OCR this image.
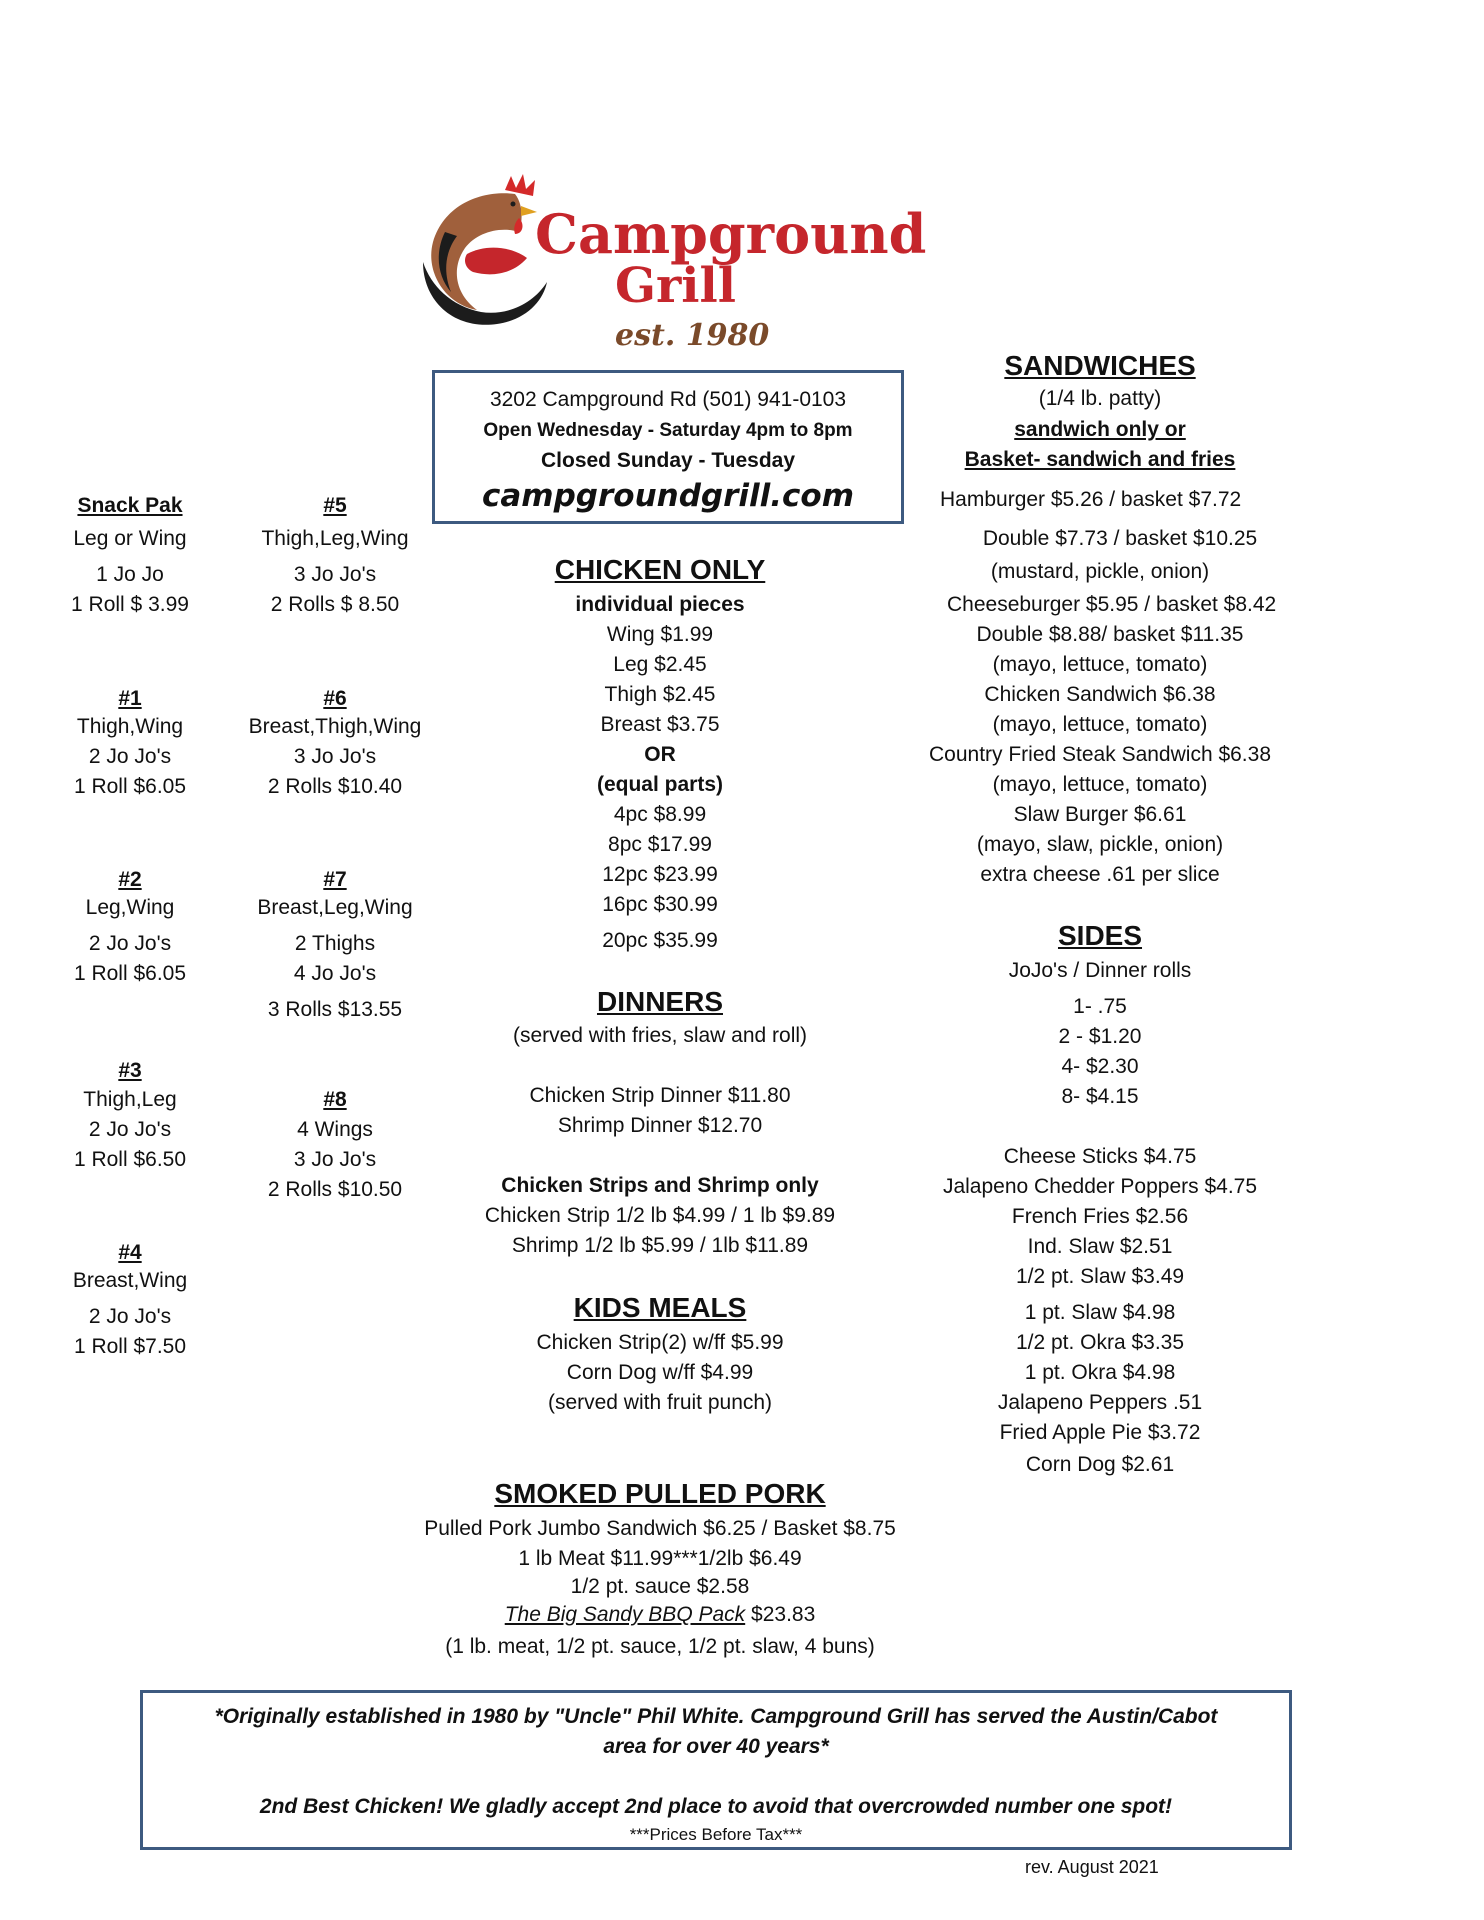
Campground
Grill
est. 1980
3202 Campground Rd (501) 941-0103
Open Wednesday - Saturday 4pm to 8pm
Closed Sunday - Tuesday
campgroundgrill.com
Snack Pak
Leg or Wing
1 Jo Jo
1 Roll $ 3.99
#1
Thigh,Wing
2 Jo Jo's
1 Roll $6.05
#2
Leg,Wing
2 Jo Jo's
1 Roll $6.05
#3
Thigh,Leg
2 Jo Jo's
1 Roll $6.50
#4
Breast,Wing
2 Jo Jo's
1 Roll $7.50
#5
Thigh,Leg,Wing
3 Jo Jo's
2 Rolls $ 8.50
#6
Breast,Thigh,Wing
3 Jo Jo's
2 Rolls $10.40
#7
Breast,Leg,Wing
2 Thighs
4 Jo Jo's
3 Rolls $13.55
#8
4 Wings
3 Jo Jo's
2 Rolls $10.50
CHICKEN ONLY
individual pieces
Wing $1.99
Leg $2.45
Thigh $2.45
Breast $3.75
OR
(equal parts)
4pc $8.99
8pc $17.99
12pc $23.99
16pc $30.99
20pc $35.99
DINNERS
(served with fries, slaw and roll)
Chicken Strip Dinner $11.80
Shrimp Dinner $12.70
Chicken Strips and Shrimp only
Chicken Strip 1/2 lb $4.99 / 1 lb $9.89
Shrimp 1/2 lb $5.99 / 1lb $11.89
KIDS MEALS
Chicken Strip(2) w/ff $5.99
Corn Dog w/ff $4.99
(served with fruit punch)
SMOKED PULLED PORK
Pulled Pork Jumbo Sandwich $6.25 / Basket $8.75
1 lb Meat $11.99***1/2lb $6.49
1/2 pt. sauce $2.58
The Big Sandy BBQ Pack $23.83
(1 lb. meat, 1/2 pt. sauce, 1/2 pt. slaw, 4 buns)
SANDWICHES
(1/4 lb. patty)
sandwich only or
Basket- sandwich and fries
Hamburger $5.26 / basket $7.72
Double $7.73 / basket $10.25
(mustard, pickle, onion)
Cheeseburger $5.95 / basket $8.42
Double $8.88/ basket $11.35
(mayo, lettuce, tomato)
Chicken Sandwich $6.38
(mayo, lettuce, tomato)
Country Fried Steak Sandwich $6.38
(mayo, lettuce, tomato)
Slaw Burger $6.61
(mayo, slaw, pickle, onion)
extra cheese .61 per slice
SIDES
JoJo's / Dinner rolls
1- .75
2 - $1.20
4- $2.30
8- $4.15
Cheese Sticks $4.75
Jalapeno Chedder Poppers $4.75
French Fries $2.56
Ind. Slaw $2.51
1/2 pt. Slaw $3.49
1 pt. Slaw $4.98
1/2 pt. Okra $3.35
1 pt. Okra $4.98
Jalapeno Peppers .51
Fried Apple Pie $3.72
Corn Dog $2.61
*Originally established in 1980 by "Uncle" Phil White. Campground Grill has served the Austin/Cabot
area for over 40 years*
2nd Best Chicken! We gladly accept 2nd place to avoid that overcrowded number one spot!
***Prices Before Tax***
rev. August 2021
